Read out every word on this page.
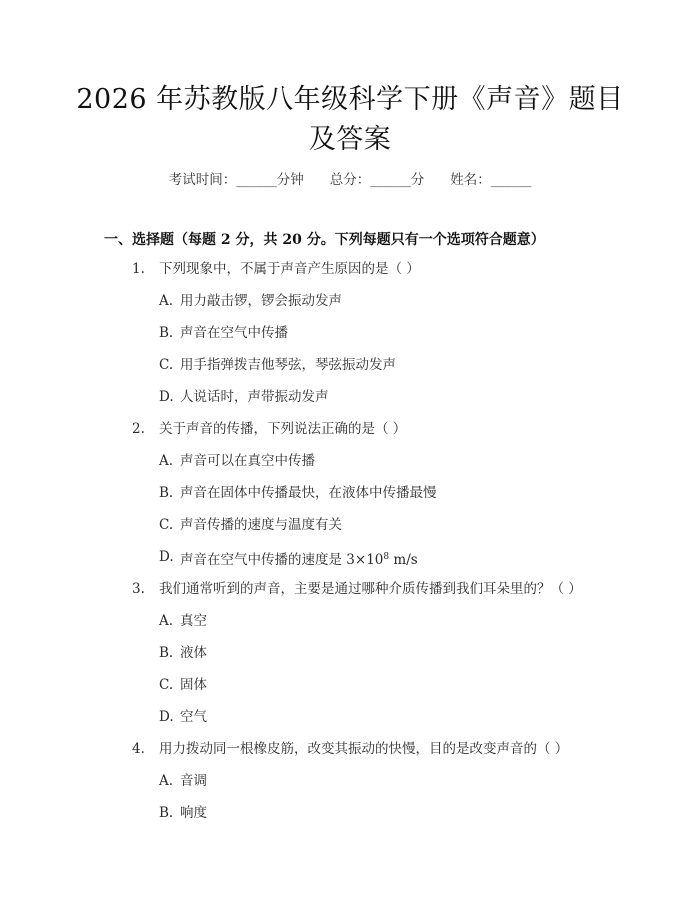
2026 年苏教版八年级科学下册《声音》题目
及答案
考试时间：______分钟 总分：______分 姓名：______
一、选择题（每题 2 分，共 20 分。下列每题只有一个选项符合题意）
1. 下列现象中，不属于声音产生原因的是（ ）
A. 用力敲击锣，锣会振动发声
B. 声音在空气中传播
C. 用手指弹拨吉他琴弦，琴弦振动发声
D. 人说话时，声带振动发声
2. 关于声音的传播，下列说法正确的是（ ）
A. 声音可以在真空中传播
B. 声音在固体中传播最快，在液体中传播最慢
C. 声音传播的速度与温度有关
D. 声音在空气中传播的速度是 $3\times 10^8$ m/s
3. 我们通常听到的声音，主要是通过哪种介质传播到我们耳朵里的？（ ）
A. 真空
B. 液体
C. 固体
D. 空气
4. 用力拨动同一根橡皮筋，改变其振动的快慢，目的是改变声音的（ ）
A. 音调
B. 响度
